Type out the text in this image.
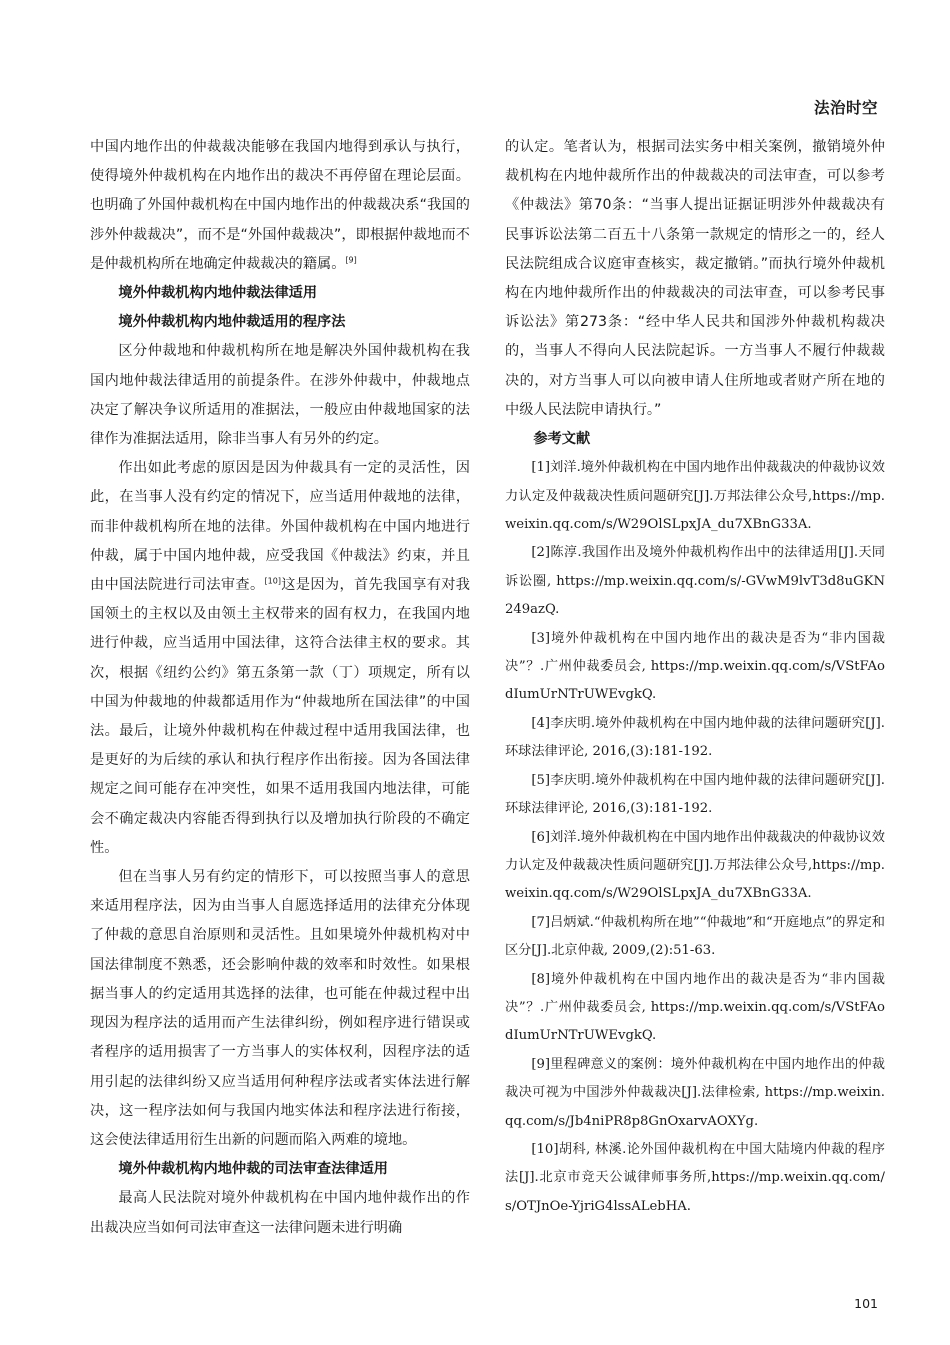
法治时空

中国内地作出的仲裁裁决能够在我国内地得到承认与执行，使得境外仲裁机构在内地作出的裁决不再停留在理论层面。也明确了外国仲裁机构在中国内地作出的仲裁裁决系“我国的涉外仲裁裁决”，而不是“外国仲裁裁决”，即根据仲裁地而不是仲裁机构所在地确定仲裁裁决的籍属。[9]

境外仲裁机构内地仲裁法律适用

境外仲裁机构内地仲裁适用的程序法

区分仲裁地和仲裁机构所在地是解决外国仲裁机构在我国内地仲裁法律适用的前提条件。在涉外仲裁中，仲裁地点决定了解决争议所适用的准据法，一般应由仲裁地国家的法律作为准据法适用，除非当事人有另外的约定。

作出如此考虑的原因是因为仲裁具有一定的灵活性，因此，在当事人没有约定的情况下，应当适用仲裁地的法律，而非仲裁机构所在地的法律。外国仲裁机构在中国内地进行仲裁，属于中国内地仲裁，应受我国《仲裁法》约束，并且由中国法院进行司法审查。[10]这是因为，首先我国享有对我国领土的主权以及由领土主权带来的固有权力，在我国内地进行仲裁，应当适用中国法律，这符合法律主权的要求。其次，根据《纽约公约》第五条第一款（丁）项规定，所有以中国为仲裁地的仲裁都适用作为“仲裁地所在国法律”的中国法。最后，让境外仲裁机构在仲裁过程中适用我国法律，也是更好的为后续的承认和执行程序作出衔接。因为各国法律规定之间可能存在冲突性，如果不适用我国内地法律，可能会不确定裁决内容能否得到执行以及增加执行阶段的不确定性。

但在当事人另有约定的情形下，可以按照当事人的意思来适用程序法，因为由当事人自愿选择适用的法律充分体现了仲裁的意思自治原则和灵活性。且如果境外仲裁机构对中国法律制度不熟悉，还会影响仲裁的效率和时效性。如果根据当事人的约定适用其选择的法律，也可能在仲裁过程中出现因为程序法的适用而产生法律纠纷，例如程序进行错误或者程序的适用损害了一方当事人的实体权利，因程序法的适用引起的法律纠纷又应当适用何种程序法或者实体法进行解决，这一程序法如何与我国内地实体法和程序法进行衔接，这会使法律适用衍生出新的问题而陷入两难的境地。

境外仲裁机构内地仲裁的司法审查法律适用

最高人民法院对境外仲裁机构在中国内地仲裁作出的作出裁决应当如何司法审查这一法律问题未进行明确

的认定。笔者认为，根据司法实务中相关案例，撤销境外仲裁机构在内地仲裁所作出的仲裁裁决的司法审查，可以参考《仲裁法》第70条：“当事人提出证据证明涉外仲裁裁决有民事诉讼法第二百五十八条第一款规定的情形之一的，经人民法院组成合议庭审查核实，裁定撤销。”而执行境外仲裁机构在内地仲裁所作出的仲裁裁决的司法审查，可以参考民事诉讼法》第273条：“经中华人民共和国涉外仲裁机构裁决的，当事人不得向人民法院起诉。一方当事人不履行仲裁裁决的，对方当事人可以向被申请人住所地或者财产所在地的中级人民法院申请执行。”

参考文献

[1]刘洋.境外仲裁机构在中国内地作出仲裁裁决的仲裁协议效力认定及仲裁裁决性质问题研究[J].万邦法律公众号,https://mp.weixin.qq.com/s/W29OlSLpxJA_du7XBnG33A.

[2]陈淳.我国作出及境外仲裁机构作出中的法律适用[J].天同诉讼圈, https://mp.weixin.qq.com/s/-GVwM9lvT3d8uGKN249azQ.

[3]境外仲裁机构在中国内地作出的裁决是否为“非内国裁决”？.广州仲裁委员会, https://mp.weixin.qq.com/s/VStFAodIumUrNTrUWEvgkQ.

[4]李庆明.境外仲裁机构在中国内地仲裁的法律问题研究[J].环球法律评论, 2016,(3):181-192.

[5]李庆明.境外仲裁机构在中国内地仲裁的法律问题研究[J].环球法律评论, 2016,(3):181-192.

[6]刘洋.境外仲裁机构在中国内地作出仲裁裁决的仲裁协议效力认定及仲裁裁决性质问题研究[J].万邦法律公众号,https://mp.weixin.qq.com/s/W29OlSLpxJA_du7XBnG33A.

[7]吕炳斌.“仲裁机构所在地”“仲裁地”和“开庭地点”的界定和区分[J].北京仲裁, 2009,(2):51-63.

[8]境外仲裁机构在中国内地作出的裁决是否为“非内国裁决”？.广州仲裁委员会, https://mp.weixin.qq.com/s/VStFAodIumUrNTrUWEvgkQ.

[9]里程碑意义的案例：境外仲裁机构在中国内地作出的仲裁裁决可视为中国涉外仲裁裁决[J].法律检索, https://mp.weixin.qq.com/s/Jb4niPR8p8GnOxarvAOXYg.

[10]胡科, 林溪.论外国仲裁机构在中国大陆境内仲裁的程序法[J].北京市竞天公诚律师事务所,https://mp.weixin.qq.com/s/OTJnOe-YjriG4lssALebHA.

101
